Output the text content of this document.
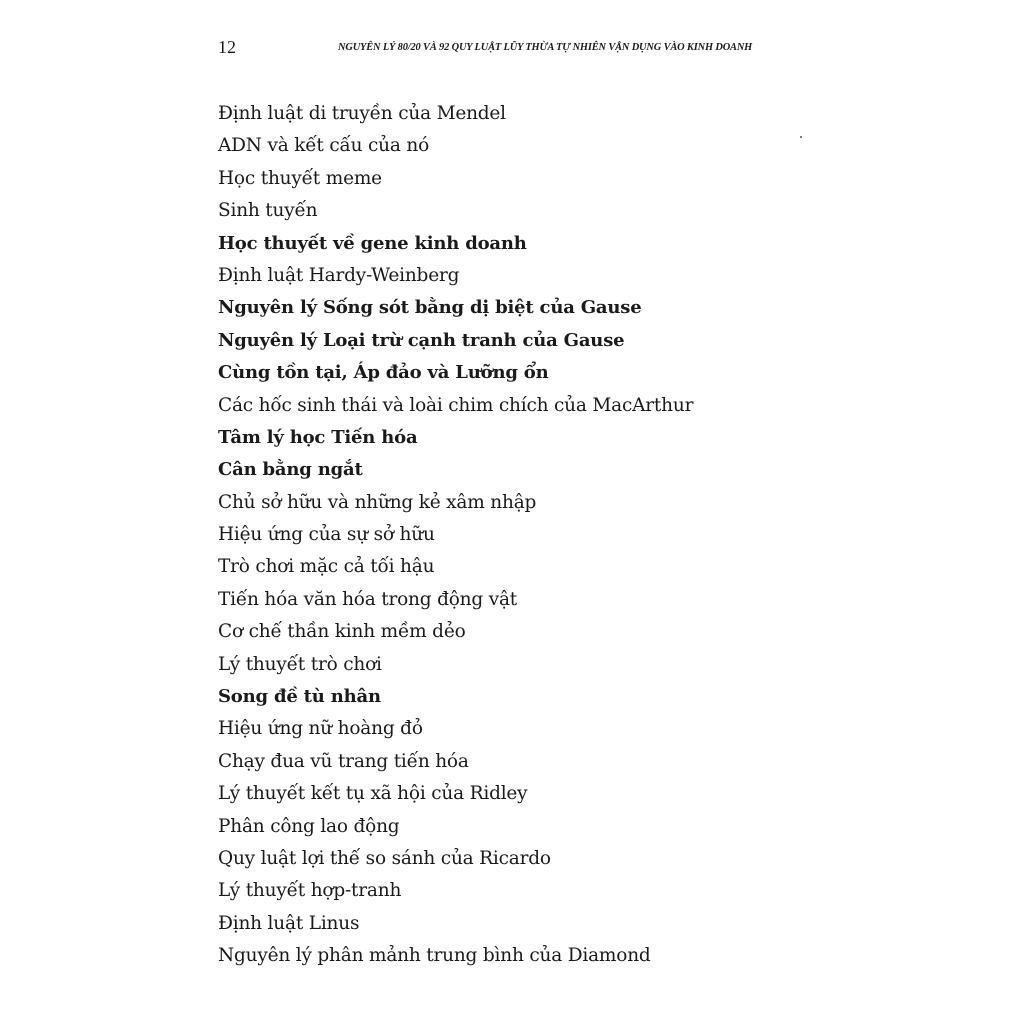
12	NGUYÊN LÝ 80/20 VÀ 92 QUY LUẬT LŨY THỪA TỰ NHIÊN VẬN DỤNG VÀO KINH DOANH
Định luật di truyền của Mendel
ADN và kết cấu của nó
Học thuyết meme
Sinh tuyến
Học thuyết về gene kinh doanh
Định luật Hardy-Weinberg
Nguyên lý Sống sót bằng dị biệt của Gause
Nguyên lý Loại trừ cạnh tranh của Gause
Cùng tồn tại, Áp đảo và Lưỡng ổn
Các hốc sinh thái và loài chim chích của MacArthur
Tâm lý học Tiến hóa
Cân bằng ngắt
Chủ sở hữu và những kẻ xâm nhập
Hiệu ứng của sự sở hữu
Trò chơi mặc cả tối hậu
Tiến hóa văn hóa trong động vật
Cơ chế thần kinh mềm dẻo
Lý thuyết trò chơi
Song đề tù nhân
Hiệu ứng nữ hoàng đỏ
Chạy đua vũ trang tiến hóa
Lý thuyết kết tụ xã hội của Ridley
Phân công lao động
Quy luật lợi thế so sánh của Ricardo
Lý thuyết hợp-tranh
Định luật Linus
Nguyên lý phân mảnh trung bình của Diamond
